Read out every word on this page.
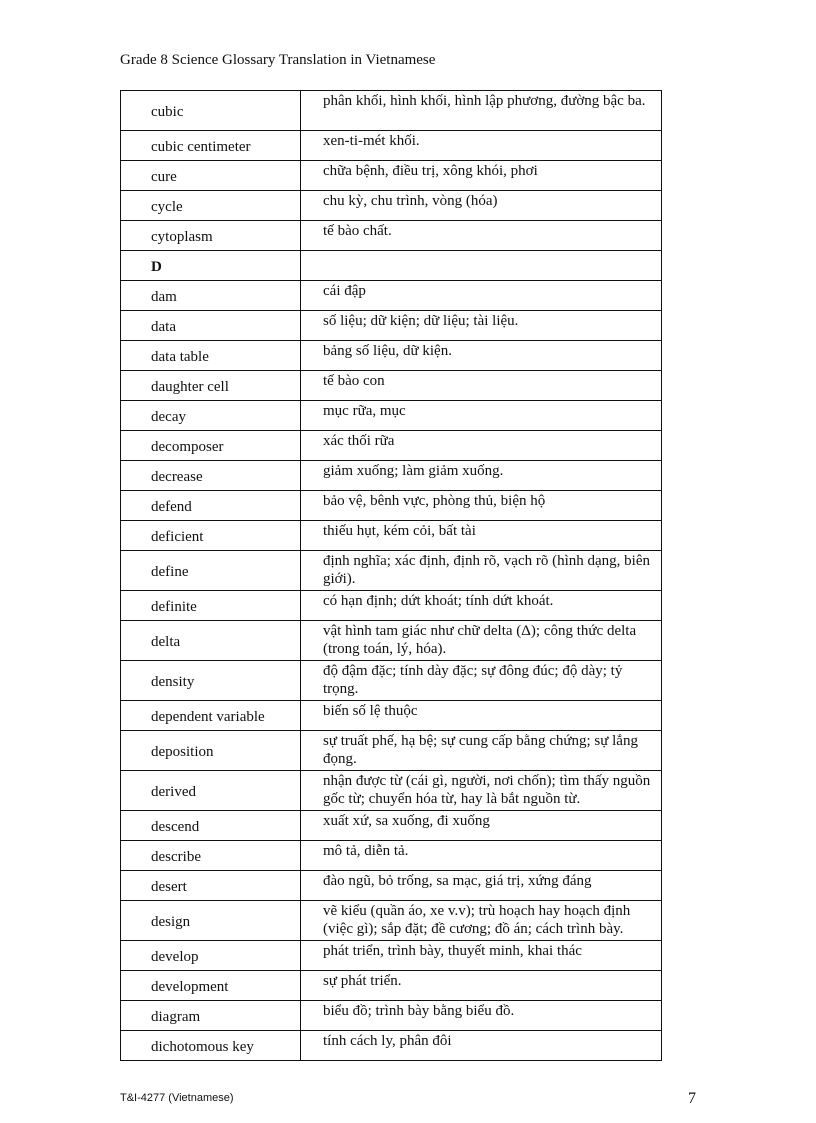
Grade 8 Science Glossary Translation in Vietnamese
cubic	phân khối, hình khối, hình lập phương, đường bậc ba.
cubic centimeter	xen-ti-mét khối.
cure	chữa bệnh, điều trị, xông khói, phơi
cycle	chu kỳ, chu trình, vòng (hóa)
cytoplasm	tế bào chất.
D	
dam	cái đập
data	số liệu; dữ kiện; dữ liệu; tài liệu.
data table	bảng số liệu, dữ kiện.
daughter cell	tế bào con
decay	mục rữa, mục
decomposer	xác thối rữa
decrease	giảm xuống; làm giảm xuống.
defend	bảo vệ, bênh vực, phòng thủ, biện hộ
deficient	thiếu hụt, kém cỏi, bất tài
define	định nghĩa; xác định, định rõ, vạch rõ (hình dạng, biên giới).
definite	có hạn định; dứt khoát; tính dứt khoát.
delta	vật hình tam giác như chữ delta (Δ); công thức delta (trong toán, lý, hóa).
density	độ đậm đặc; tính dày đặc; sự đông đúc; độ dày; tỷ trọng.
dependent variable	biến số lệ thuộc
deposition	sự truất phế, hạ bệ; sự cung cấp bằng chứng; sự lắng đọng.
derived	nhận được từ (cái gì, người, nơi chốn); tìm thấy nguồn gốc từ; chuyển hóa từ, hay là bắt nguồn từ.
descend	xuất xứ, sa xuống, đi xuống
describe	mô tả, diễn tả.
desert	đào ngũ, bỏ trống, sa mạc, giá trị, xứng đáng
design	vẽ kiểu (quần áo, xe v.v); trù hoạch hay hoạch định (việc gì); sắp đặt; đề cương; đồ án; cách trình bày.
develop	phát triển, trình bày, thuyết minh, khai thác
development	sự phát triển.
diagram	biểu đồ; trình bày bằng biểu đồ.
dichotomous key	tính cách ly, phân đôi
T&I-4277 (Vietnamese)	7
